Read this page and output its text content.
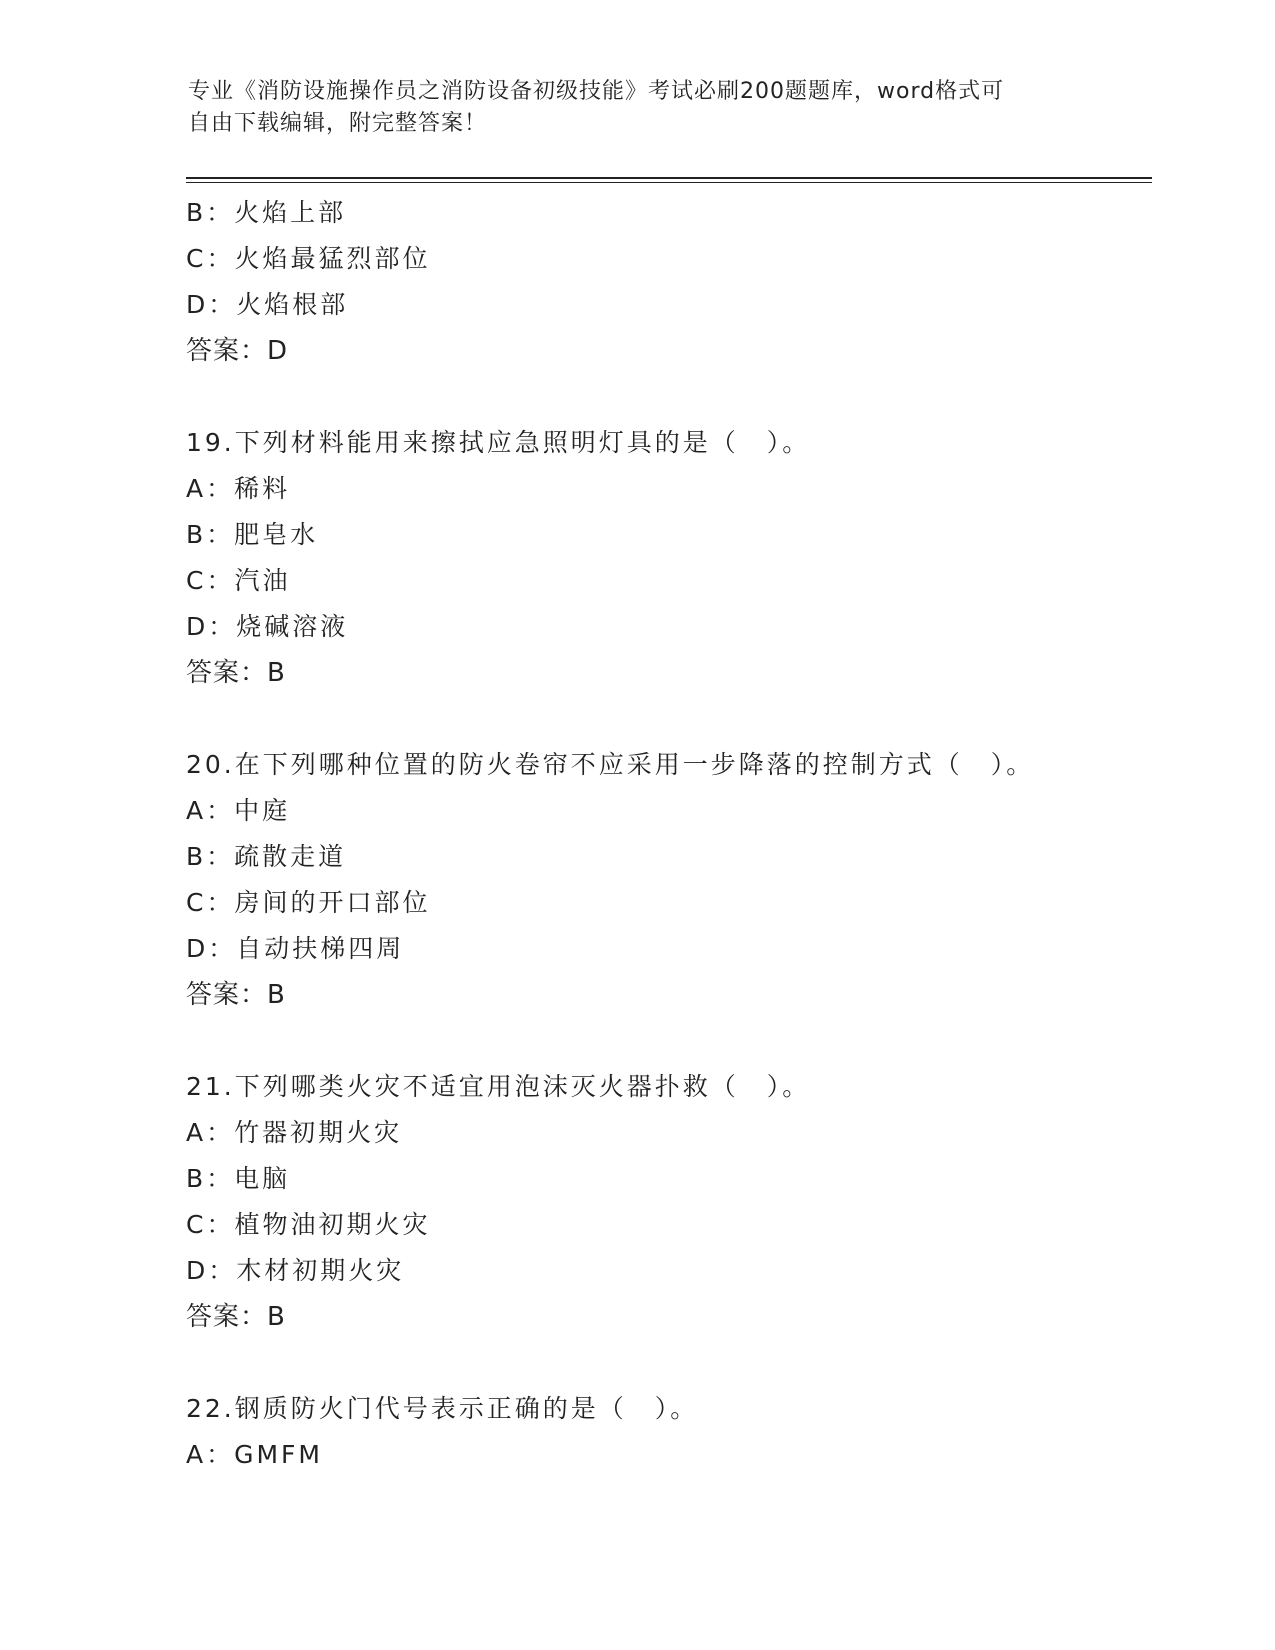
专业《消防设施操作员之消防设备初级技能》考试必刷200题题库，word格式可
自由下载编辑，附完整答案！
B：火焰上部
C：火焰最猛烈部位
D：火焰根部
答案：D
19.下列材料能用来擦拭应急照明灯具的是（　）。
A：稀料
B：肥皂水
C：汽油
D：烧碱溶液
答案：B
20.在下列哪种位置的防火卷帘不应采用一步降落的控制方式（　）。
A：中庭
B：疏散走道
C：房间的开口部位
D：自动扶梯四周
答案：B
21.下列哪类火灾不适宜用泡沫灭火器扑救（　）。
A：竹器初期火灾
B：电脑
C：植物油初期火灾
D：木材初期火灾
答案：B
22.钢质防火门代号表示正确的是（　）。
A：GMFM
